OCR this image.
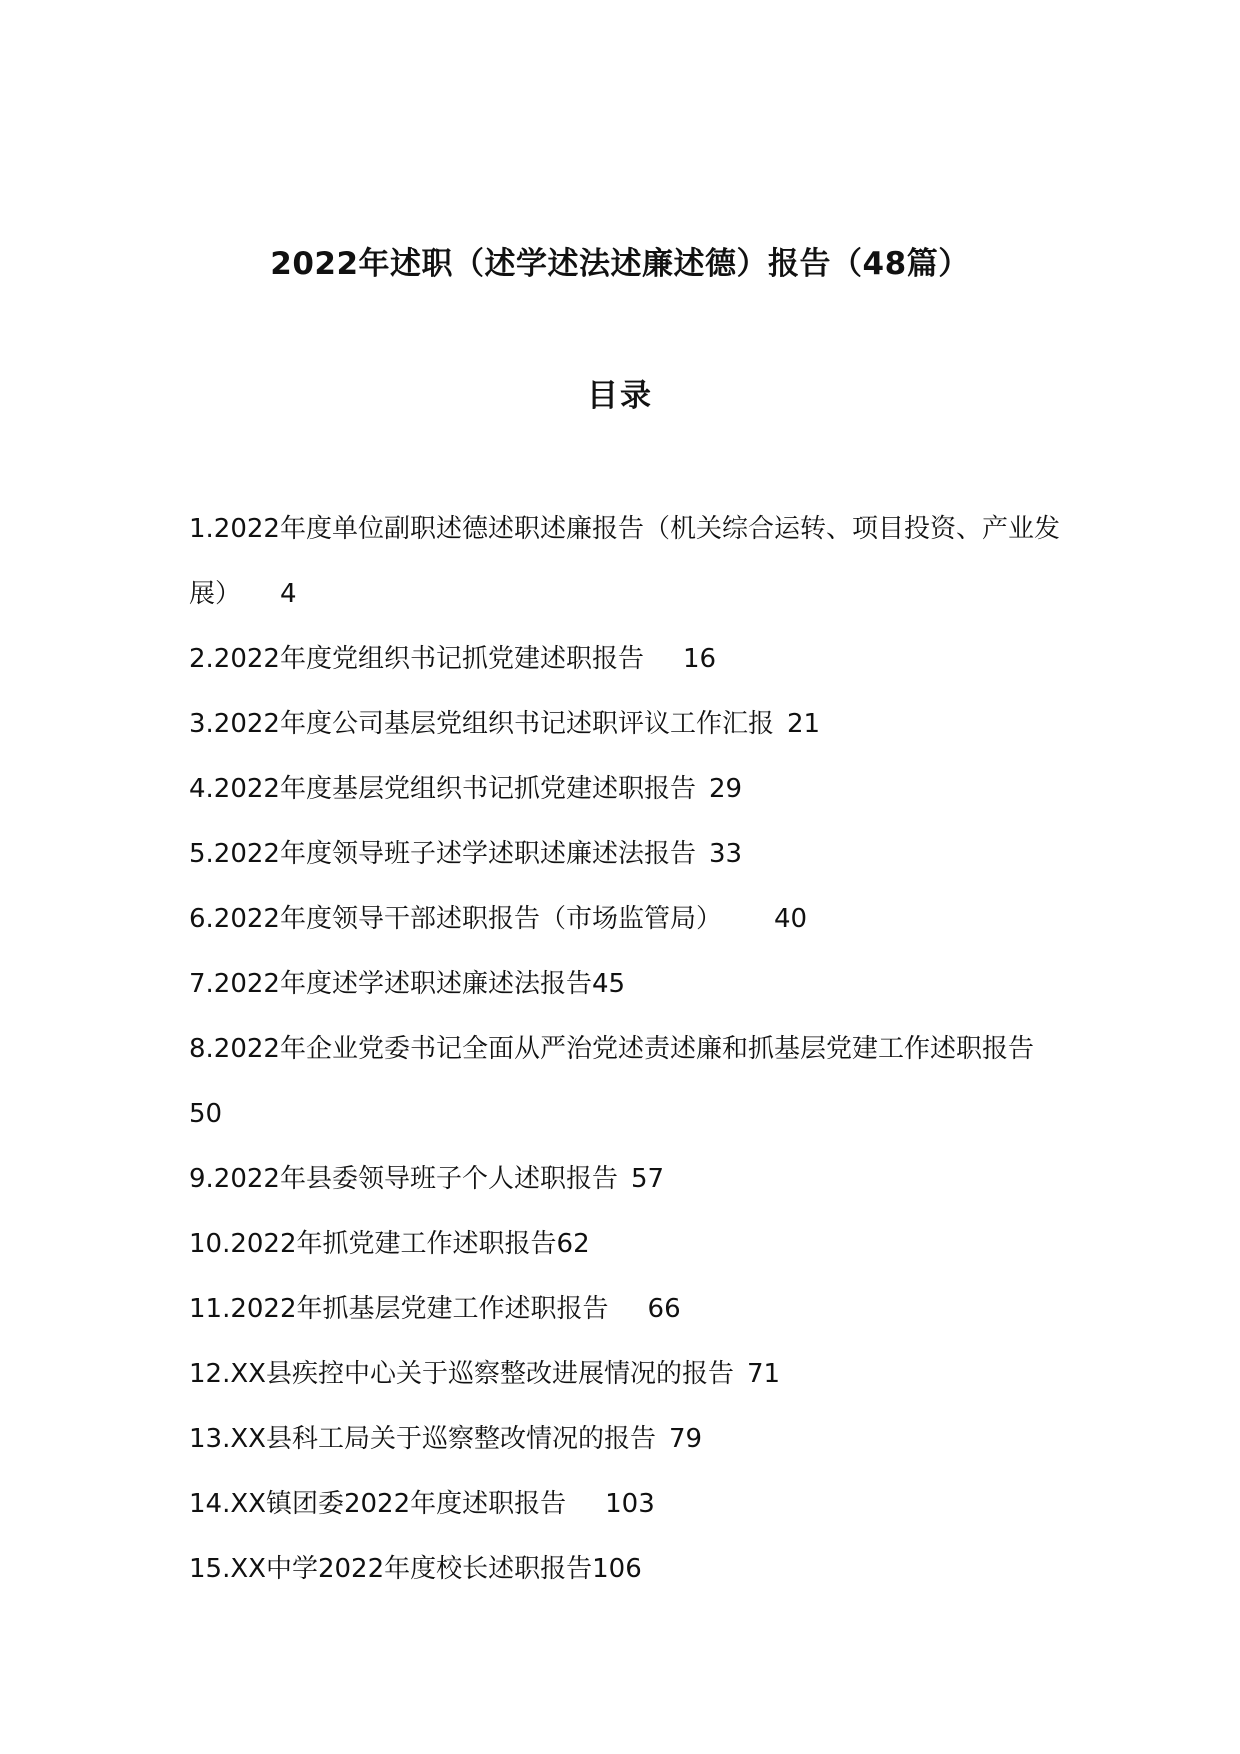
2022年述职（述学述法述廉述德）报告（48篇）
目录
1.2022年度单位副职述德述职述廉报告（机关综合运转、项目投资、产业发展）   4
2.2022年度党组织书记抓党建述职报告   16
3.2022年度公司基层党组织书记述职评议工作汇报  21
4.2022年度基层党组织书记抓党建述职报告  29
5.2022年度领导班子述学述职述廉述法报告  33
6.2022年度领导干部述职报告（市场监管局）   40
7.2022年度述学述职述廉述法报告45
8.2022年企业党委书记全面从严治党述责述廉和抓基层党建工作述职报告  50
9.2022年县委领导班子个人述职报告  57
10.2022年抓党建工作述职报告62
11.2022年抓基层党建工作述职报告   66
12.XX县疾控中心关于巡察整改进展情况的报告  71
13.XX县科工局关于巡察整改情况的报告  79
14.XX镇团委2022年度述职报告   103
15.XX中学2022年度校长述职报告106
